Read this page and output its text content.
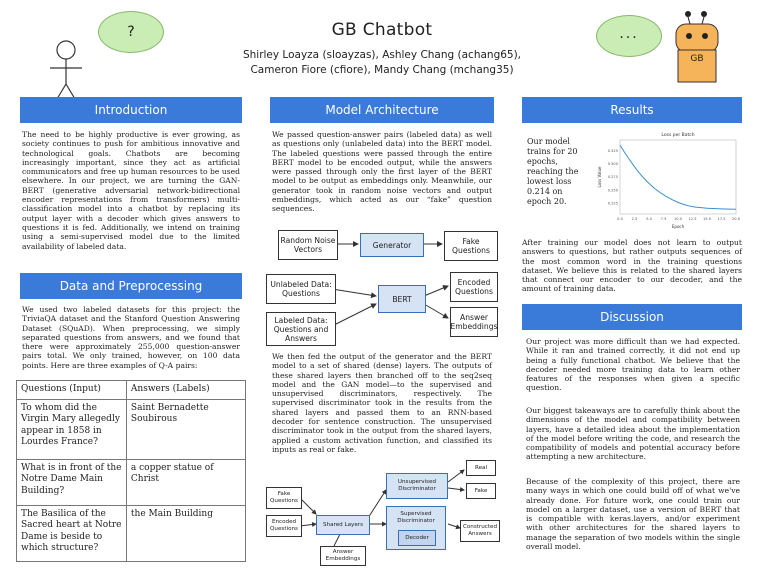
GB Chatbot
Shirley Loayza (sloayzas), Ashley Chang (achang65),
Cameron Fiore (cfiore), Mandy Chang (mchang35)
?	...
GB
Introduction
The need to be highly productive is ever growing, as society continues to push for ambitious innovative and technological goals. Chatbots are becoming increasingly important, since they act as artificial communicators and free up human resources to be used elsewhere. In our project, we are turning the GAN-BERT (generative adversarial network-bidirectional encoder representations from transformers) multi-classification model into a chatbot by replacing its output layer with a decoder which gives answers to questions it is fed. Additionally, we intend on training using a semi-supervised model due to the limited availability of labeled data.
Data and Preprocessing
We used two labeled datasets for this project: the TriviaQA dataset and the Stanford Question Answering Dataset (SQuAD). When preprocessing, we simply separated questions from answers, and we found that there were approximately 255,000 question-answer pairs total. We only trained, however, on 100 data points. Here are three examples of Q-A pairs:
Questions (Input)	Answers (Labels)
To whom did the Virgin Mary allegedly appear in 1858 in Lourdes France?	Saint Bernadette Soubirous
What is in front of the Notre Dame Main Building?	a copper statue of Christ
The Basilica of the Sacred heart at Notre Dame is beside to which structure?	the Main Building
Model Architecture
We passed question-answer pairs (labeled data) as well as questions only (unlabeled data) into the BERT model. The labeled questions were passed through the entire BERT model to be encoded output, while the answers were passed through only the first layer of the BERT model to be output as embeddings only. Meanwhile, our generator took in random noise vectors and output embeddings, which acted as our “fake” question sequences.
Random Noise Vectors	Generator	Fake Questions
Unlabeled Data: Questions
BERT
Encoded Questions
Labeled Data: Questions and Answers
Answer Embeddings
We then fed the output of the generator and the BERT model to a set of shared (dense) layers. The outputs of these shared layers then branched off to the seq2seq model and the GAN model—to the supervised and unsupervised discriminators, respectively. The supervised discriminator took in the results from the shared layers and passed them to an RNN-based decoder for sentence construction. The unsupervised discriminator took in the output from the shared layers, applied a custom activation function, and classified its inputs as real or fake.
Fake Questions
Encoded Questions
Shared Layers
Answer Embeddings
Unsupervised Discriminator
Supervised Discriminator
Decoder
Real
Fake
Constructed Answers
Results
Our model trains for 20 epochs, reaching the lowest loss 0.214 on epoch 20.
Loss per Batch
Epoch
Loss Value
0.0 2.5 5.0 7.5 10.0 12.5 15.0 17.5 20.0
0.225
0.250
0.275
0.300
0.325
After training our model does not learn to output answers to questions, but rather outputs sequences of the most common word in the training questions dataset. We believe this is related to the shared layers that connect our encoder to our decoder, and the amount of training data.
Discussion
Our project was more difficult than we had expected. While it ran and trained correctly, it did not end up being a fully functional chatbot. We believe that the decoder needed more training data to learn other features of the responses when given a specific question.
Our biggest takeaways are to carefully think about the dimensions of the model and compatibility between layers, have a detailed idea about the implementation of the model before writing the code, and research the compatibility of models and potential accuracy before attempting a new architecture.
Because of the complexity of this project, there are many ways in which one could build off of what we've already done. For future work, one could train our model on a larger dataset, use a version of BERT that is compatible with keras.layers, and/or experiment with other architectures for the shared layers to manage the separation of two models within the single overall model.
